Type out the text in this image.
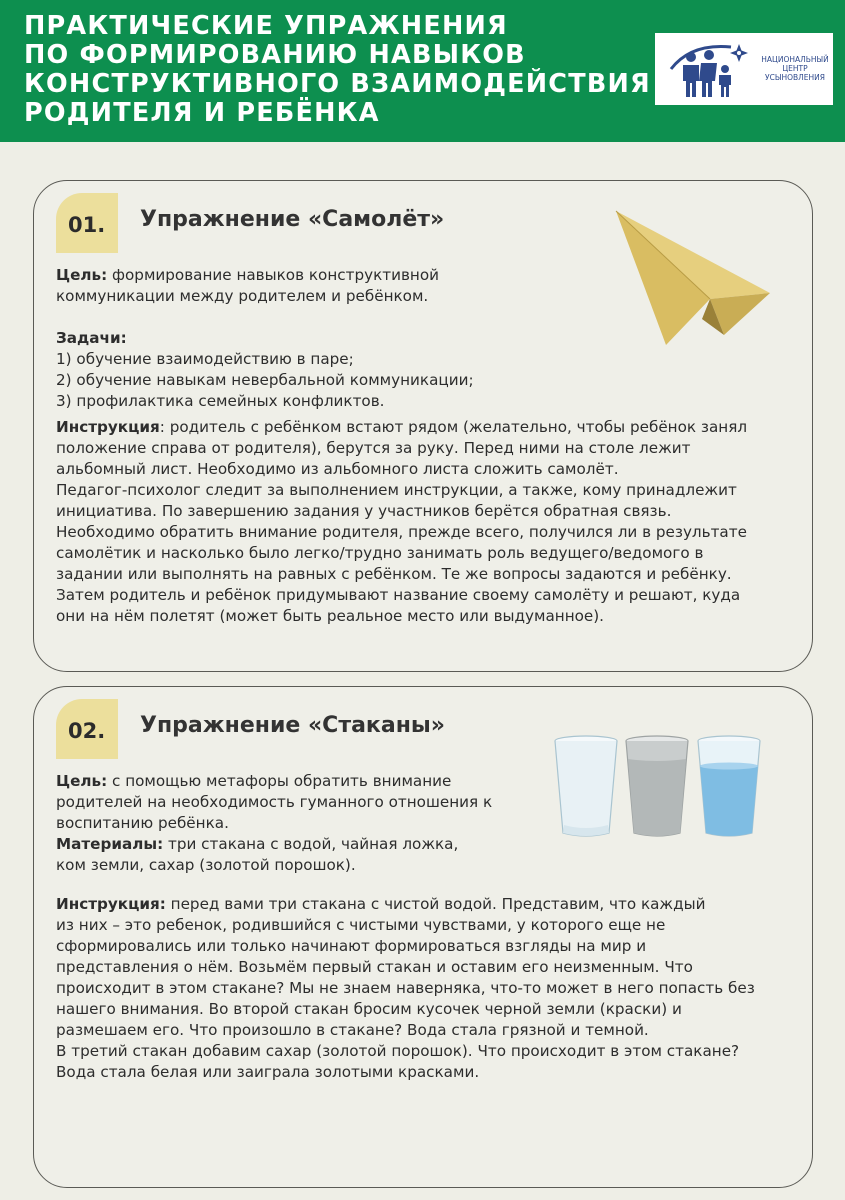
ПРАКТИЧЕСКИЕ УПРАЖНЕНИЯ
ПО ФОРМИРОВАНИЮ НАВЫКОВ
КОНСТРУКТИВНОГО ВЗАИМОДЕЙСТВИЯ
РОДИТЕЛЯ И РЕБЁНКА
НАЦИОНАЛЬНЫЙ
ЦЕНТР
УСЫНОВЛЕНИЯ
01. Упражнение «Самолёт»
Цель: формирование навыков конструктивной
коммуникации между родителем и ребёнком.
Задачи:
1) обучение взаимодействию в паре;
2) обучение навыкам невербальной коммуникации;
3) профилактика семейных конфликтов.
Инструкция: родитель с ребёнком встают рядом (желательно, чтобы ребёнок занял
положение справа от родителя), берутся за руку. Перед ними на столе лежит
альбомный лист. Необходимо из альбомного листа сложить самолёт.
Педагог-психолог следит за выполнением инструкции, а также, кому принадлежит
инициатива. По завершению задания у участников берётся обратная связь.
Необходимо обратить внимание родителя, прежде всего, получился ли в результате
самолётик и насколько было легко/трудно занимать роль ведущего/ведомого в
задании или выполнять на равных с ребёнком. Те же вопросы задаются и ребёнку.
Затем родитель и ребёнок придумывают название своему самолёту и решают, куда
они на нём полетят (может быть реальное место или выдуманное).
02. Упражнение «Стаканы»
Цель: с помощью метафоры обратить внимание
родителей на необходимость гуманного отношения к
воспитанию ребёнка.
Материалы: три стакана с водой, чайная ложка,
ком земли, сахар (золотой порошок).
Инструкция: перед вами три стакана с чистой водой. Представим, что каждый
из них – это ребенок, родившийся с чистыми чувствами, у которого еще не
сформировались или только начинают формироваться взгляды на мир и
представления о нём. Возьмём первый стакан и оставим его неизменным. Что
происходит в этом стакане? Мы не знаем наверняка, что-то может в него попасть без
нашего внимания. Во второй стакан бросим кусочек черной земли (краски) и
размешаем его. Что произошло в стакане? Вода стала грязной и темной.
В третий стакан добавим сахар (золотой порошок). Что происходит в этом стакане?
Вода стала белая или заиграла золотыми красками.
